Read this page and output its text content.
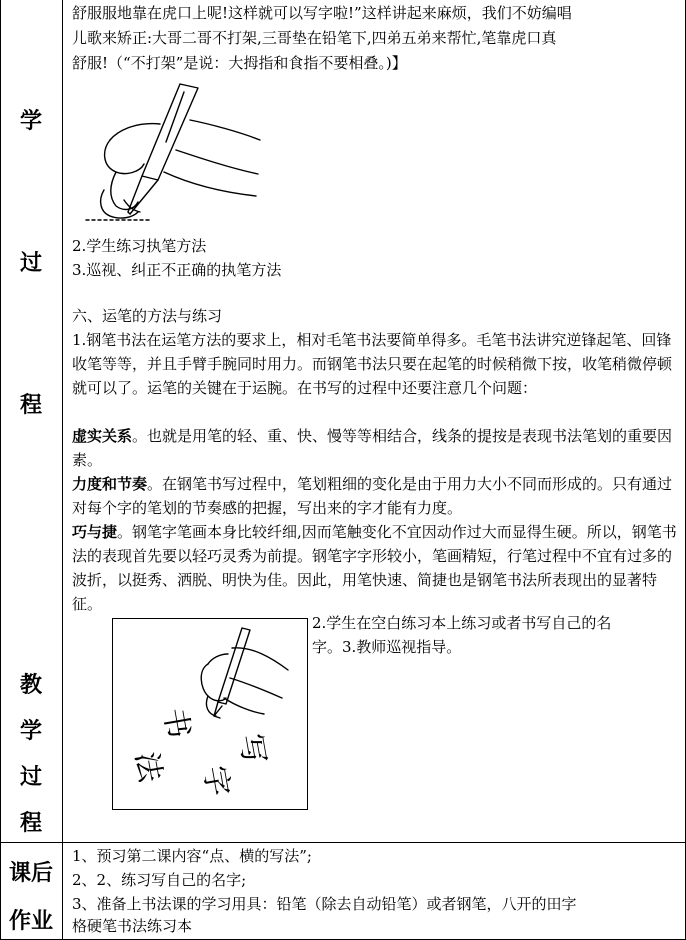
学
过
程
教
学
过
程
课后
作业
舒服服地靠在虎口上呢!这样就可以写字啦!”这样讲起来麻烦，我们不妨编唱
儿歌来矫正:大哥二哥不打架,三哥垫在铅笔下,四弟五弟来帮忙,笔靠虎口真
舒服!（“不打架”是说：大拇指和食指不要相叠。)】
2.学生练习执笔方法
3.巡视、纠正不正确的执笔方法
六、运笔的方法与练习
1.钢笔书法在运笔方法的要求上，相对毛笔书法要简单得多。毛笔书法讲究逆锋起笔、回锋收笔等等，并且手臂手腕同时用力。而钢笔书法只要在起笔的时候稍微下按，收笔稍微停顿就可以了。运笔的关键在于运腕。在书写的过程中还要注意几个问题：
虚实关系。也就是用笔的轻、重、快、慢等等相结合，线条的提按是表现书法笔划的重要因素。
力度和节奏。在钢笔书写过程中，笔划粗细的变化是由于用力大小不同而形成的。只有通过对每个字的笔划的节奏感的把握，写出来的字才能有力度。
巧与捷。钢笔字笔画本身比较纤细,因而笔触变化不宜因动作过大而显得生硬。所以，钢笔书法的表现首先要以轻巧灵秀为前提。钢笔字字形较小，笔画精短，行笔过程中不宜有过多的波折，以挺秀、洒脱、明快为佳。因此，用笔快速、简捷也是钢笔书法所表现出的显著特征。
写
字
书
法
2.学生在空白练习本上练习或者书写自己的名
字。3.教师巡视指导。
1、预习第二课内容“点、横的写法”;
2、2、练习写自己的名字;
3、准备上书法课的学习用具：铅笔（除去自动铅笔）或者钢笔，八开的田字
格硬笔书法练习本
